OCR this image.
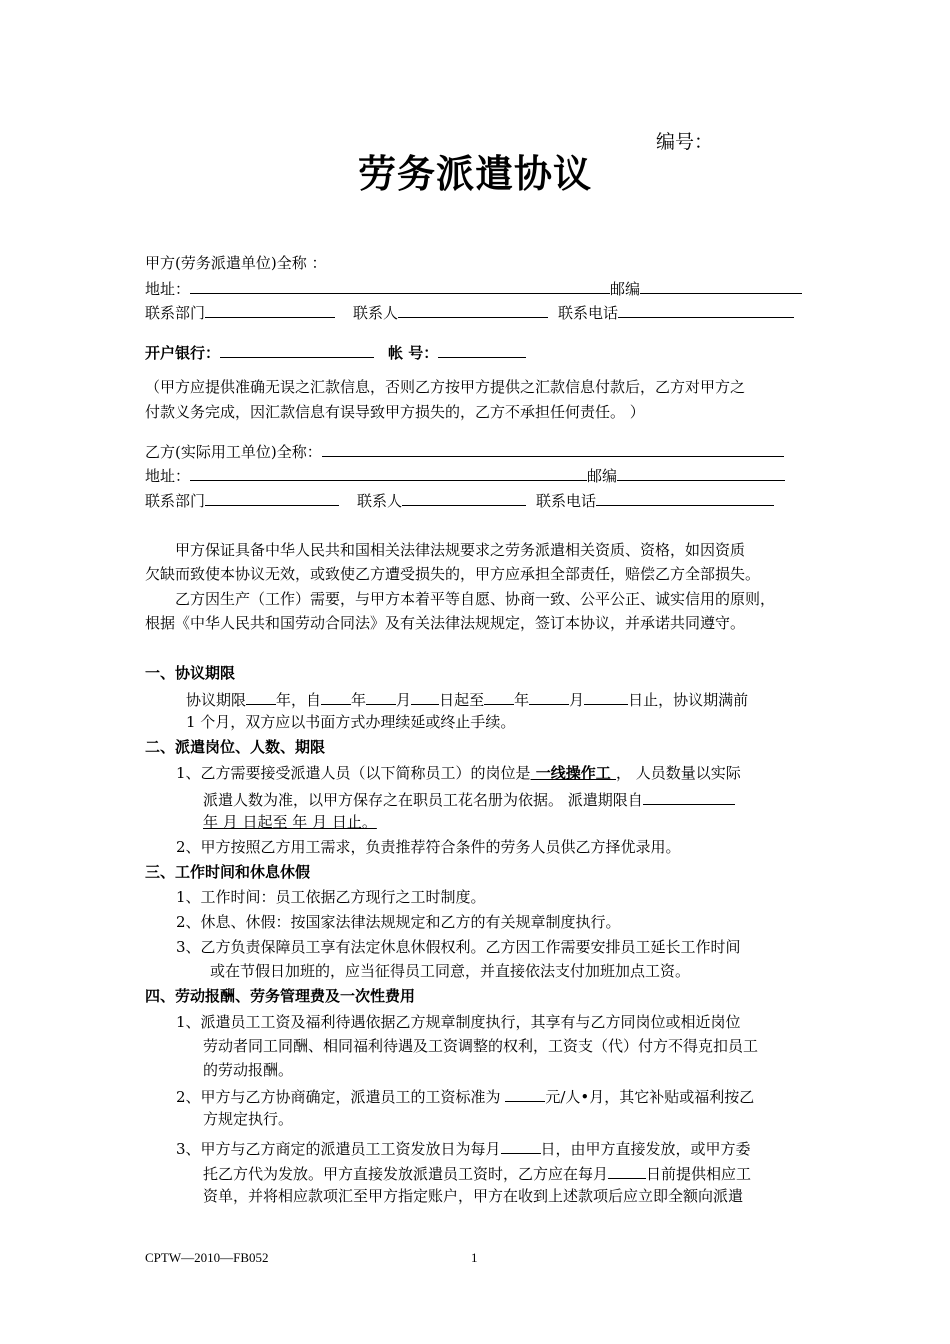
编号：
劳务派遣协议
甲方(劳务派遣单位)全称 ：
地址：	邮编
联系部门	联系人	联系电话
开户银行：	帐 号：
（甲方应提供准确无误之汇款信息，否则乙方按甲方提供之汇款信息付款后，乙方对甲方之
付款义务完成，因汇款信息有误导致甲方损失的，乙方不承担任何责任。 ）
乙方(实际用工单位)全称：
地址：	邮编
联系部门	联系人	联系电话
甲方保证具备中华人民共和国相关法律法规要求之劳务派遣相关资质、资格，如因资质
欠缺而致使本协议无效，或致使乙方遭受损失的，甲方应承担全部责任，赔偿乙方全部损失。
乙方因生产（工作）需要，与甲方本着平等自愿、协商一致、公平公正、诚实信用的原则，
根据《中华人民共和国劳动合同法》及有关法律法规规定，签订本协议，并承诺共同遵守。
一、协议期限
协议期限 年，自 年 月 日起至 年	月	日止，协议期满前
1 个月，双方应以书面方式办理续延或终止手续。
二、派遣岗位、人数、期限
1、乙方需要接受派遣人员（以下简称员工）的岗位是 一线操作工 ， 人员数量以实际
派遣人数为准，以甲方保存之在职员工花名册为依据。 派遣期限自
年 月 日起至 年 月 日止。
2、甲方按照乙方用工需求，负责推荐符合条件的劳务人员供乙方择优录用。
三、工作时间和休息休假
1、工作时间：员工依据乙方现行之工时制度。
2、休息、休假：按国家法律法规规定和乙方的有关规章制度执行。
3、乙方负责保障员工享有法定休息休假权利。乙方因工作需要安排员工延长工作时间
或在节假日加班的，应当征得员工同意，并直接依法支付加班加点工资。
四、劳动报酬、劳务管理费及一次性费用
1、派遣员工工资及福利待遇依据乙方规章制度执行，其享有与乙方同岗位或相近岗位
劳动者同工同酬、相同福利待遇及工资调整的权利，工资支（代）付方不得克扣员工
的劳动报酬。
2、甲方与乙方协商确定，派遣员工的工资标准为	元/人•月，其它补贴或福利按乙
方规定执行。
3、甲方与乙方商定的派遣员工工资发放日为每月	日，由甲方直接发放，或甲方委
托乙方代为发放。甲方直接发放派遣员工资时，乙方应在每月	日前提供相应工
资单，并将相应款项汇至甲方指定账户，甲方在收到上述款项后应立即全额向派遣
CPTW—2010—FB052	1
